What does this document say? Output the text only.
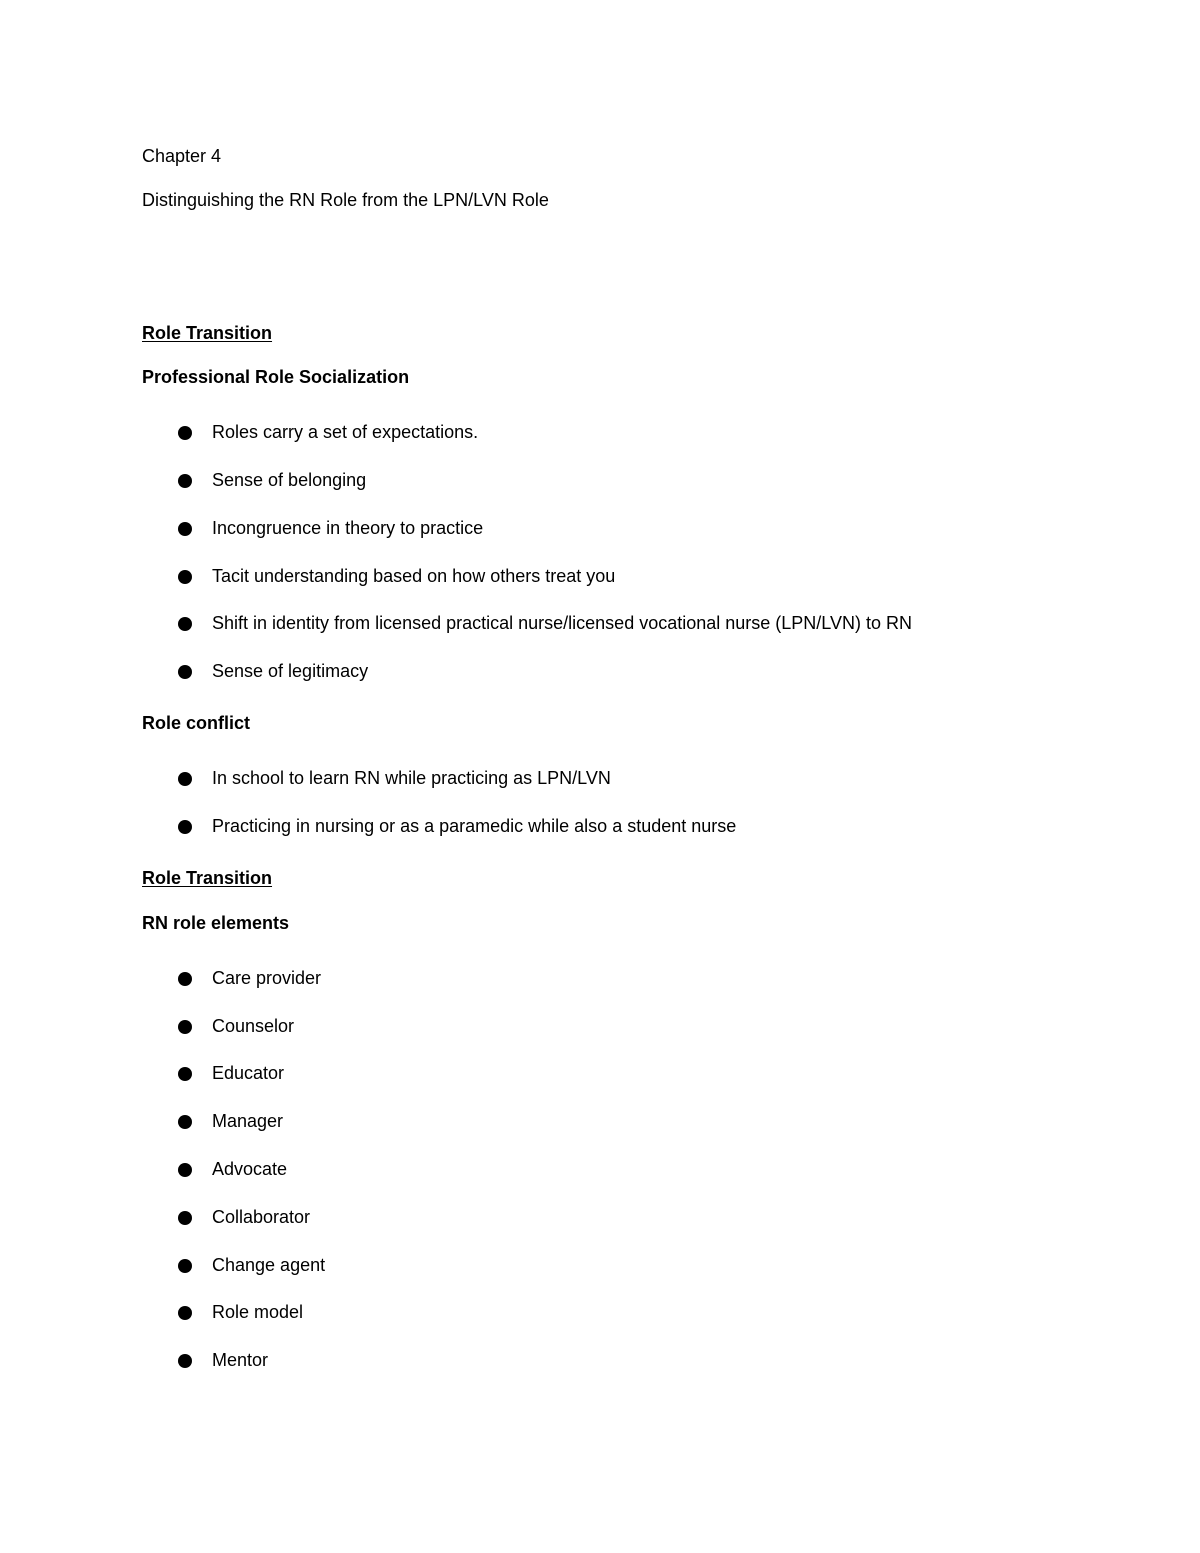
Chapter 4
Distinguishing the RN Role from the LPN/LVN Role
Role Transition
Professional Role Socialization
Roles carry a set of expectations.
Sense of belonging
Incongruence in theory to practice
Tacit understanding based on how others treat you
Shift in identity from licensed practical nurse/licensed vocational nurse (LPN/LVN) to RN
Sense of legitimacy
Role conflict
In school to learn RN while practicing as LPN/LVN
Practicing in nursing or as a paramedic while also a student nurse
Role Transition
RN role elements
Care provider
Counselor
Educator
Manager
Advocate
Collaborator
Change agent
Role model
Mentor
